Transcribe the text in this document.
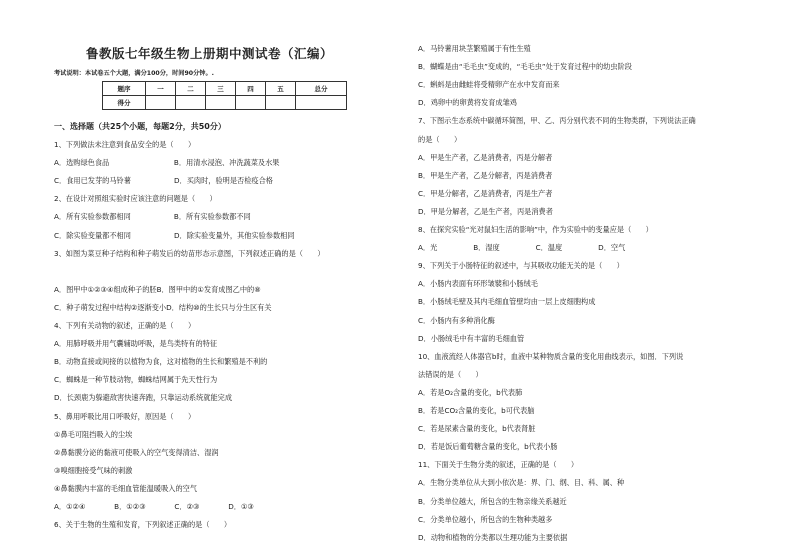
鲁教版七年级生物上册期中测试卷（汇编）
考试说明：本试卷五个大题，满分100分，时间90分钟。.
题序	一	二	三	四	五	总分
得分						
一、选择题（共25个小题，每题2分，共50分）
1、下列做法未注意到食品安全的是（　　）
A．选购绿色食品　　　　　　　　　B．用清水浸泡、冲洗蔬菜及水果
C．食用已发芽的马铃薯　　　　　　D．买肉时，验明是否检疫合格
2、在设计对照组实验时应该注意的问题是（　　）
A．所有实验参数都相同　　　　　　B．所有实验参数都不同
C．除实验变量都不相同　　　　　　D．除实验变量外，其他实验参数相同
3、如图为菜豆种子结构和种子萌发后的幼苗形态示意图，下列叙述正确的是（　　）
A．图甲中①②③④组成种子的胚B．图甲中的①发育成图乙中的⑧
C．种子萌发过程中结构②逐渐变小D．结构⑩的生长只与分生区有关
4、下列有关动物的叙述，正确的是（　　）
A．用肺呼吸并用气囊辅助呼吸，是鸟类特有的特征
B．动物直接或间接的以植物为食，这对植物的生长和繁殖是不利的
C．蜘蛛是一种节肢动物，蜘蛛结网属于先天性行为
D．长颈鹿为躲避敌害快速奔跑，只靠运动系统就能完成
5、鼻用呼吸比用口呼吸好，原因是（　　）
①鼻毛可阻挡吸入的尘埃
②鼻黏膜分泌的黏液可使吸入的空气变得清洁、湿润
③嗅细胞接受气味的刺激
④鼻黏膜内丰富的毛细血管能温暖吸入的空气
A．①②④　　　　B．①②③　　　　C．②③　　　　D．①③
6、关于生物的生殖和发育，下列叙述正确的是（　　）
A．马铃薯用块茎繁殖属于有性生殖
B．蝴蝶是由“毛毛虫”变成的，“毛毛虫”处于发育过程中的幼虫阶段
C．蝌蚪是由雌蛙将受精卵产在水中发育而来
D．鸡卵中的卵黄将发育成雏鸡
7、下图示生态系统中碳循环简图，甲、乙、丙分别代表不同的生物类群，下列说法正确
的是（　　）
A．甲是生产者，乙是消费者，丙是分解者
B．甲是生产者，乙是分解者，丙是消费者
C．甲是分解者，乙是消费者，丙是生产者
D．甲是分解者，乙是生产者，丙是消费者
8、在探究实验“光对鼠妇生活的影响”中，作为实验中的变量应是（　　）
A．光　　　　　B．湿度　　　　　C．温度　　　　　D．空气
9、下列关于小肠特征的叙述中，与其吸收功能无关的是（　　）
A．小肠内表面有环形皱襞和小肠绒毛
B．小肠绒毛壁及其内毛细血管壁均由一层上皮细胞构成
C．小肠内有多种消化酶
D．小肠绒毛中有丰富的毛细血管
10、血液流经人体器官b时，血液中某种物质含量的变化用曲线表示，如图．下列说
法错误的是（　　）
A．若是O₂含量的变化，b代表肺
B．若是CO₂含量的变化，b可代表脑
C．若是尿素含量的变化，b代表肾脏
D．若是饭后葡萄糖含量的变化，b代表小肠
11、下面关于生物分类的叙述，正确的是（　　）
A．生物分类单位从大到小依次是：界、门、纲、目、科、属、种
B．分类单位越大，所包含的生物亲缘关系越近
C．分类单位越小，所包含的生物种类越多
D．动物和植物的分类都以生理功能为主要依据
